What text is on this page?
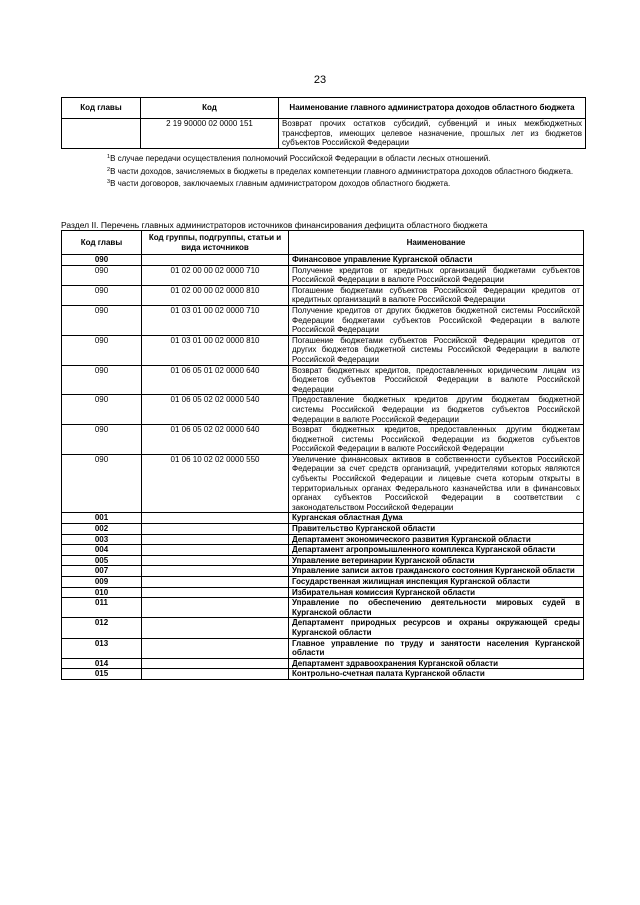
23
Код главы	Код	Наименование главного администратора доходов областного бюджета
	2 19 90000 02 0000 151	Возврат прочих остатков субсидий, субвенций и иных межбюджетных трансфертов, имеющих целевое назначение, прошлых лет из бюджетов субъектов Российской Федерации

$^1$В случае передачи осуществления полномочий Российской Федерации в области лесных отношений.

$^2$В части доходов, зачисляемых в бюджеты в пределах компетенции главного администратора доходов областного бюджета.

$^3$В части договоров, заключаемых главным администратором доходов областного бюджета.

Раздел II. Перечень главных администраторов источников финансирования дефицита областного бюджета
Код главы	Код группы, подгруппы, статьи и вида источников	Наименование
090		Финансовое управление Курганской области
090	01 02 00 00 02 0000 710	Получение кредитов от кредитных организаций бюджетами субъектов Российской Федерации в валюте Российской Федерации
090	01 02 00 00 02 0000 810	Погашение бюджетами субъектов Российской Федерации кредитов от кредитных организаций в валюте Российской Федерации
090	01 03 01 00 02 0000 710	Получение кредитов от других бюджетов бюджетной системы Российской Федерации бюджетами субъектов Российской Федерации в валюте Российской Федерации
090	01 03 01 00 02 0000 810	Погашение бюджетами субъектов Российской Федерации кредитов от других бюджетов бюджетной системы Российской Федерации в валюте Российской Федерации
090	01 06 05 01 02 0000 640	Возврат бюджетных кредитов, предоставленных юридическим лицам из бюджетов субъектов Российской Федерации в валюте Российской Федерации
090	01 06 05 02 02 0000 540	Предоставление бюджетных кредитов другим бюджетам бюджетной системы Российской Федерации из бюджетов субъектов Российской Федерации в валюте Российской Федерации
090	01 06 05 02 02 0000 640	Возврат бюджетных кредитов, предоставленных другим бюджетам бюджетной системы Российской Федерации из бюджетов субъектов Российской Федерации в валюте Российской Федерации
090	01 06 10 02 02 0000 550	Увеличение финансовых активов в собственности субъектов Российской Федерации за счет средств организаций, учредителями которых являются субъекты Российской Федерации и лицевые счета которым открыты в территориальных органах Федерального казначейства или в финансовых органах субъектов Российской Федерации в соответствии с законодательством Российской Федерации
001		Курганская областная Дума
002		Правительство Курганской области
003		Департамент экономического развития Курганской области
004		Департамент агропромышленного комплекса Курганской области
005		Управление ветеринарии Курганской области
007		Управление записи актов гражданского состояния Курганской области
009		Государственная жилищная инспекция Курганской области
010		Избирательная комиссия Курганской области
011		Управление по обеспечению деятельности мировых судей в Курганской области
012		Департамент природных ресурсов и охраны окружающей среды Курганской области
013		Главное управление по труду и занятости населения Курганской области
014		Департамент здравоохранения Курганской области
015		Контрольно-счетная палата Курганской области
